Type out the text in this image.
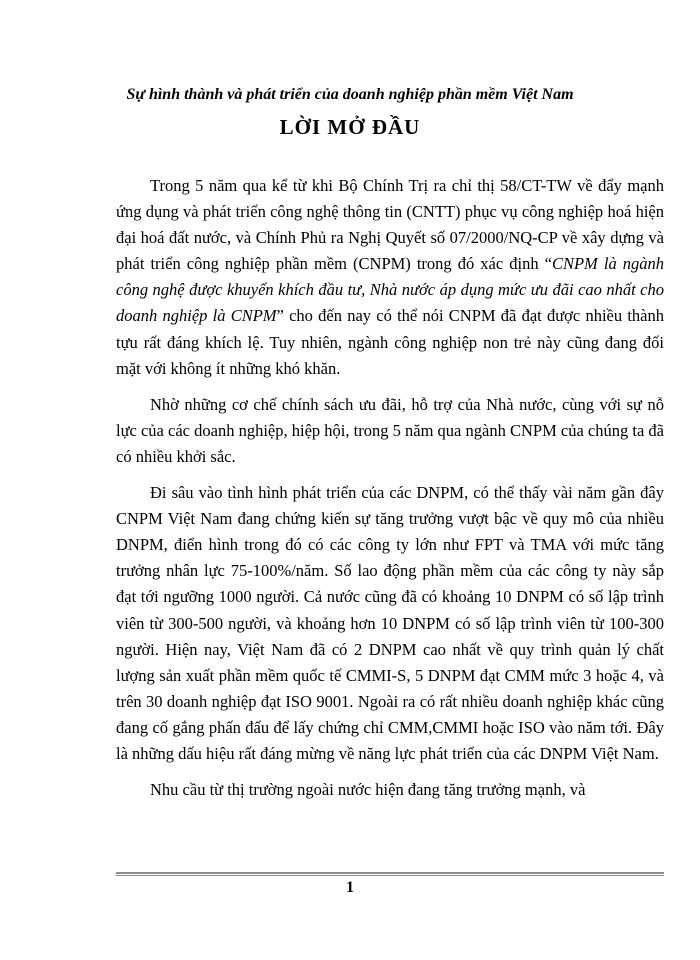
Sự hình thành và phát triển của doanh nghiệp phần mềm Việt Nam
LỜI MỞ ĐẦU

Trong 5 năm qua kể từ khi Bộ Chính Trị ra chỉ thị 58/CT-TW về đẩy mạnh ứng dụng và phát triển công nghệ thông tin (CNTT) phục vụ công nghiệp hoá hiện đại hoá đất nước, và Chính Phủ ra Nghị Quyết số 07/2000/NQ-CP về xây dựng và phát triển công nghiệp phần mềm (CNPM) trong đó xác định “CNPM là ngành công nghệ được khuyến khích đầu tư, Nhà nước áp dụng mức ưu đãi cao nhất cho doanh nghiệp là CNPM” cho đến nay có thể nói CNPM đã đạt được nhiều thành tựu rất đáng khích lệ. Tuy nhiên, ngành công nghiệp non trẻ này cũng đang đối mặt với không ít những khó khăn.

Nhờ những cơ chế chính sách ưu đãi, hỗ trợ của Nhà nước, cùng với sự nỗ lực của các doanh nghiệp, hiệp hội, trong 5 năm qua ngành CNPM của chúng ta đã có nhiều khởi sắc.

Đi sâu vào tình hình phát triển của các DNPM, có thể thấy vài năm gần đây CNPM Việt Nam đang chứng kiến sự tăng trưởng vượt bậc về quy mô của nhiều DNPM, điển hình trong đó có các công ty lớn như FPT và TMA với mức tăng trưởng nhân lực 75-100%/năm. Số lao động phần mềm của các công ty này sắp đạt tới ngưỡng 1000 người. Cả nước cũng đã có khoảng 10 DNPM có số lập trình viên từ 300-500 người, và khoảng hơn 10 DNPM có số lập trình viên từ 100-300 người. Hiện nay, Việt Nam đã có 2 DNPM cao nhất về quy trình quản lý chất lượng sản xuất phần mềm quốc tế CMMI-S, 5 DNPM đạt CMM mức 3 hoặc 4, và trên 30 doanh nghiệp đạt ISO 9001. Ngoài ra có rất nhiều doanh nghiệp khác cũng đang cố gắng phấn đấu để lấy chứng chỉ CMM,CMMI hoặc ISO vào năm tới. Đây là những dấu hiệu rất đáng mừng về năng lực phát triển của các DNPM Việt Nam.

Nhu cầu từ thị trường ngoài nước hiện đang tăng trưởng mạnh, và

1
